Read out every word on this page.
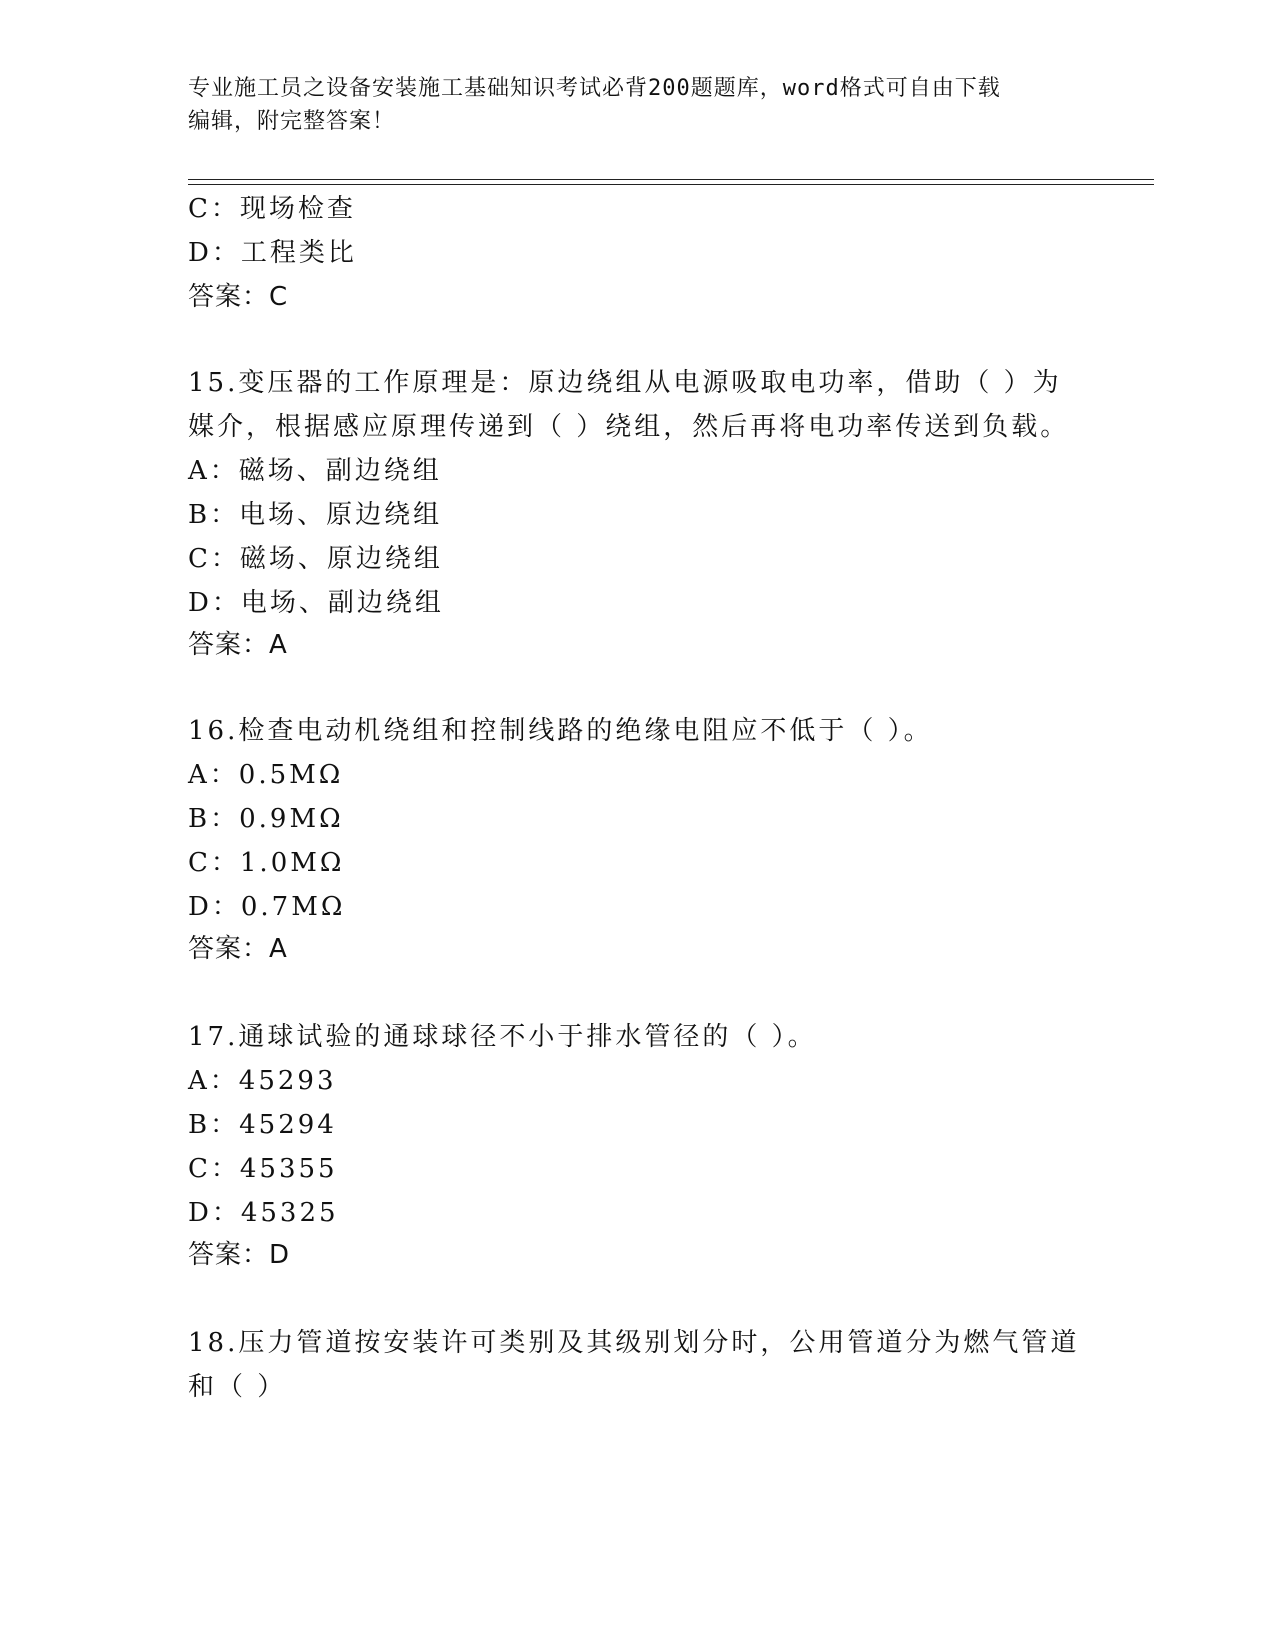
专业施工员之设备安装施工基础知识考试必背200题题库，word格式可自由下载
编辑，附完整答案！
C：现场检查
D：工程类比
答案：C
15.变压器的工作原理是：原边绕组从电源吸取电功率，借助（ ）为
媒介，根据感应原理传递到（ ）绕组，然后再将电功率传送到负载。
A：磁场、副边绕组
B：电场、原边绕组
C：磁场、原边绕组
D：电场、副边绕组
答案：A
16.检查电动机绕组和控制线路的绝缘电阻应不低于（ ）。
A：0.5MΩ
B：0.9MΩ
C：1.0MΩ
D：0.7MΩ
答案：A
17.通球试验的通球球径不小于排水管径的（ ）。
A：45293
B：45294
C：45355
D：45325
答案：D
18.压力管道按安装许可类别及其级别划分时，公用管道分为燃气管道
和（ ）
